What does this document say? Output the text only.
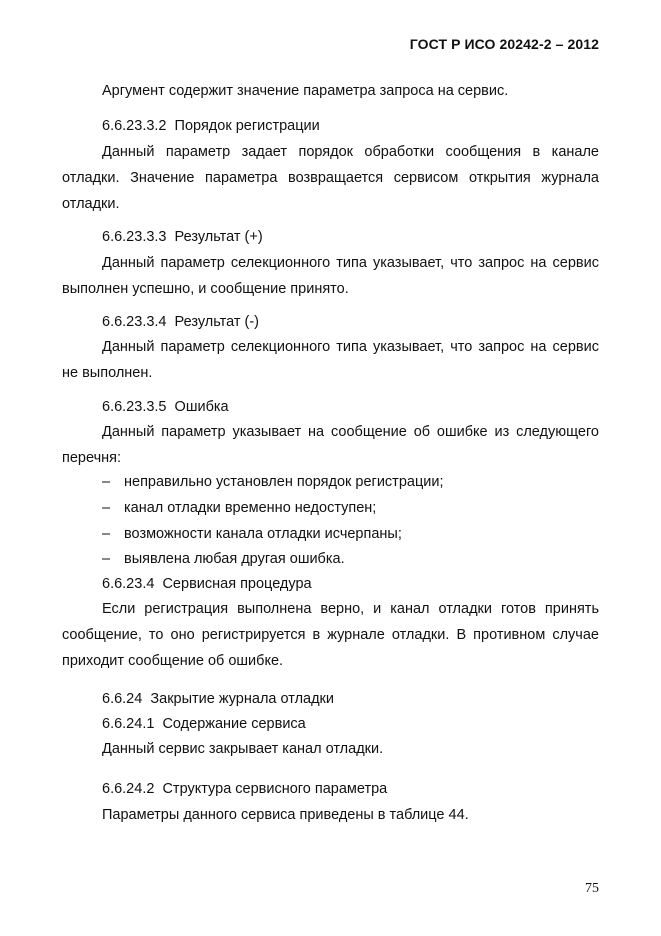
ГОСТ Р ИСО 20242-2 – 2012
Аргумент содержит значение параметра запроса на сервис.
6.6.23.3.2  Порядок регистрации
Данный параметр задает порядок обработки сообщения в канале отладки. Значение параметра возвращается сервисом открытия журнала отладки.
6.6.23.3.3  Результат (+)
Данный параметр селекционного типа указывает, что запрос на сервис выполнен успешно, и сообщение принято.
6.6.23.3.4  Результат (-)
Данный параметр селекционного типа указывает, что запрос на сервис не выполнен.
6.6.23.3.5  Ошибка
Данный параметр указывает на сообщение об ошибке из следующего перечня:
– неправильно установлен порядок регистрации;
– канал отладки временно недоступен;
– возможности канала отладки исчерпаны;
– выявлена любая другая ошибка.
6.6.23.4  Сервисная процедура
Если регистрация выполнена верно, и канал отладки готов принять сообщение, то оно регистрируется в журнале отладки. В противном случае приходит сообщение об ошибке.
6.6.24  Закрытие журнала отладки
6.6.24.1  Содержание сервиса
Данный сервис закрывает канал отладки.
6.6.24.2  Структура сервисного параметра
Параметры данного сервиса приведены в таблице 44.
75
